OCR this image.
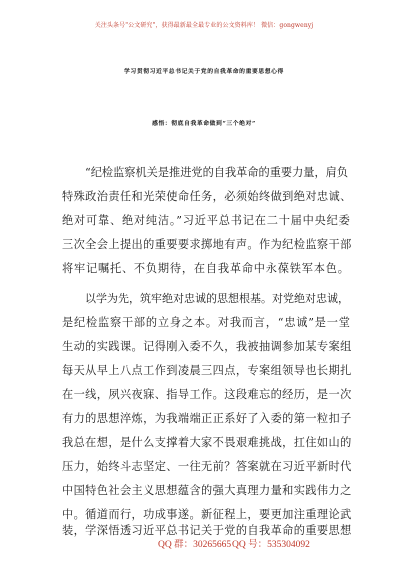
关注头条号"公文研究"，获得最新最全最专业的公文资料库！ 微信：gongwenyj
学习贯彻习近平总书记关于党的自我革命的重要思想心得
感悟：彻底自我革命做到“三个绝对”
“纪检监察机关是推进党的自我革命的重要力量，肩负
特殊政治责任和光荣使命任务，必须始终做到绝对忠诚、
绝对可靠、绝对纯洁。”习近平总书记在二十届中央纪委
三次全会上提出的重要要求掷地有声。作为纪检监察干部
将牢记嘱托、不负期待，在自我革命中永葆铁军本色。
以学为先，筑牢绝对忠诚的思想根基。对党绝对忠诚，
是纪检监察干部的立身之本。对我而言，“忠诚”是一堂
生动的实践课。记得刚入委不久，我被抽调参加某专案组
每天从早上八点工作到凌晨三四点，专案组领导也长期扎
在一线，夙兴夜寐、指导工作。这段难忘的经历，是一次
有力的思想淬炼，为我端端正正系好了入委的第一粒扣子
我总在想，是什么支撑着大家不畏艰难挑战，扛住如山的
压力，始终斗志坚定、一往无前？答案就在习近平新时代
中国特色社会主义思想蕴含的强大真理力量和实践伟力之
中。循道而行，功成事遂。新征程上，要更加注重理论武
装，学深悟透习近平总书记关于党的自我革命的重要思想
QQ 群：30265665 QQ 号：535304092
